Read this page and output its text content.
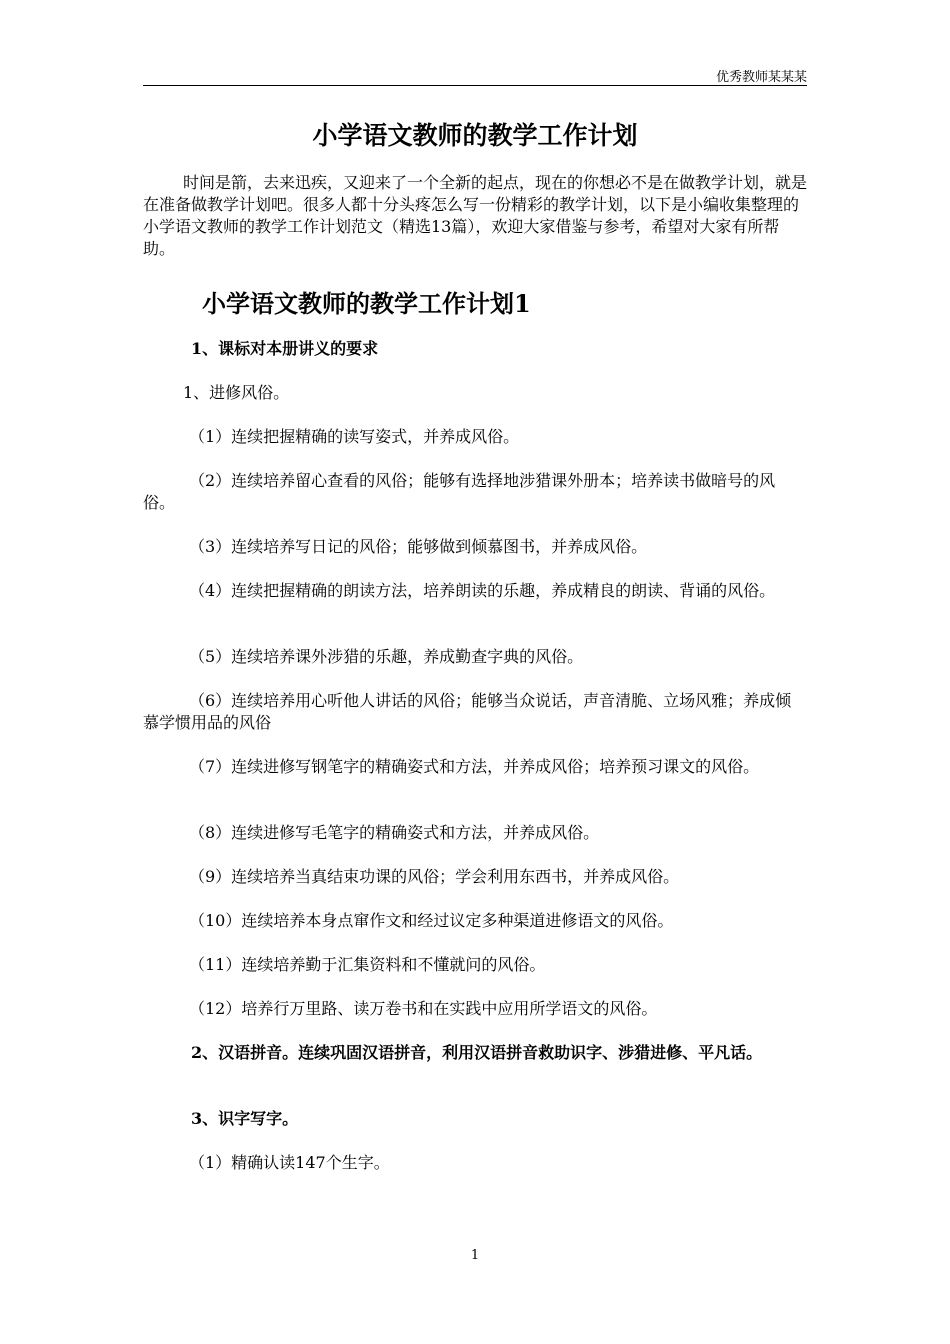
优秀教师某某某
小学语文教师的教学工作计划
时间是箭，去来迅疾，又迎来了一个全新的起点，现在的你想必不是在做教学计划，就是在准备做教学计划吧。很多人都十分头疼怎么写一份精彩的教学计划，以下是小编收集整理的小学语文教师的教学工作计划范文（精选13篇），欢迎大家借鉴与参考，希望对大家有所帮助。
小学语文教师的教学工作计划1
1、课标对本册讲义的要求
1、进修风俗。
（1）连续把握精确的读写姿式，并养成风俗。
（2）连续培养留心查看的风俗；能够有选择地涉猎课外册本；培养读书做暗号的风俗。
（3）连续培养写日记的风俗；能够做到倾慕图书，并养成风俗。
（4）连续把握精确的朗读方法，培养朗读的乐趣，养成精良的朗读、背诵的风俗。
（5）连续培养课外涉猎的乐趣，养成勤查字典的风俗。
（6）连续培养用心听他人讲话的风俗；能够当众说话，声音清脆、立场风雅；养成倾慕学惯用品的风俗
（7）连续进修写钢笔字的精确姿式和方法，并养成风俗；培养预习课文的风俗。
（8）连续进修写毛笔字的精确姿式和方法，并养成风俗。
（9）连续培养当真结束功课的风俗；学会利用东西书，并养成风俗。
（10）连续培养本身点窜作文和经过议定多种渠道进修语文的风俗。
（11）连续培养勤于汇集资料和不懂就问的风俗。
（12）培养行万里路、读万卷书和在实践中应用所学语文的风俗。
2、汉语拼音。连续巩固汉语拼音，利用汉语拼音救助识字、涉猎进修、平凡话。
3、识字写字。
（1）精确认读147个生字。
1
